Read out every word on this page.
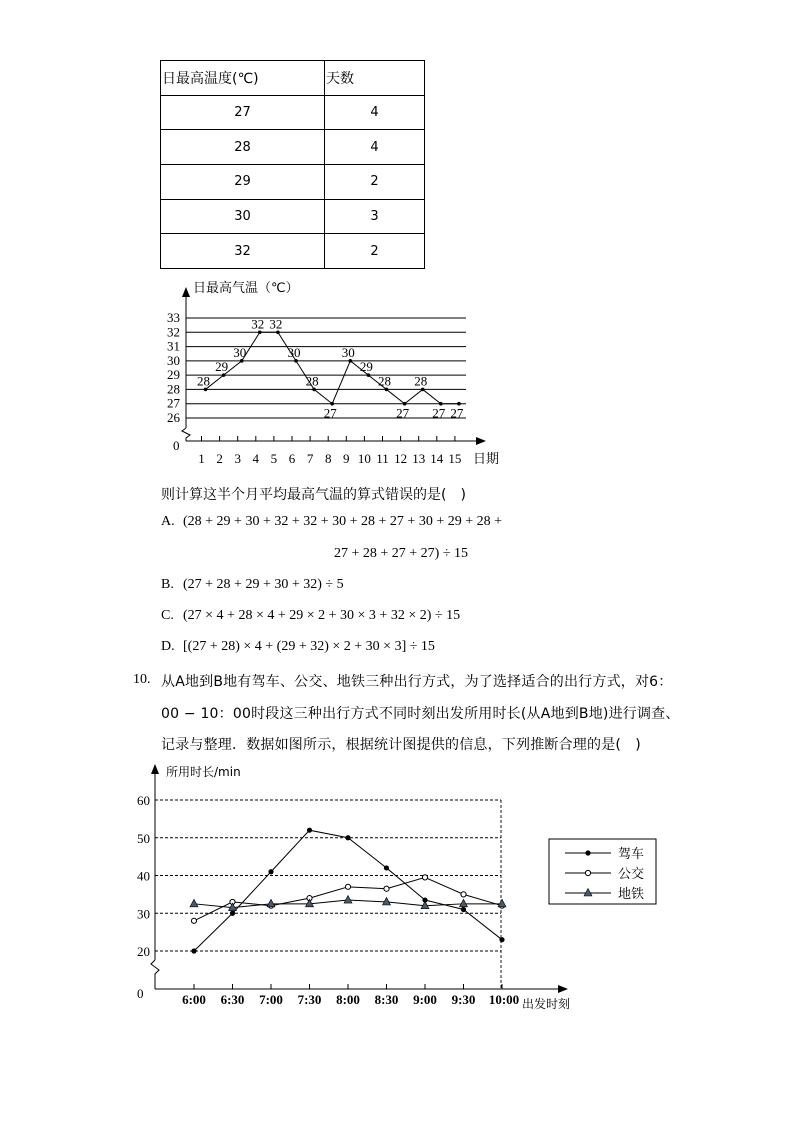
日最高温度(℃)	天数
27	4
28	4
29	2
30	3
32	2
26
27
28
29
30
31
32
33
日最高气温（℃）
0
日期
1 2 3 4 5 6 7 8 9 10 11 12 13 14 15
28
29
30
32 32
30
28
27
30
29
28
27
28
27 27
则计算这半个月平均最高气温的算式错误的是(　)
A. (28 + 29 + 30 + 32 + 32 + 30 + 28 + 27 + 30 + 29 + 28 +
27 + 28 + 27 + 27) ÷ 15
B. (27 + 28 + 29 + 30 + 32) ÷ 5
C. (27 × 4 + 28 × 4 + 29 × 2 + 30 × 3 + 32 × 2) ÷ 15
D. [(27 + 28) × 4 + (29 + 32) × 2 + 30 × 3] ÷ 15
10. 从A地到B地有驾车、公交、地铁三种出行方式，为了选择适合的出行方式，对6：
00 − 10：00时段这三种出行方式不同时刻出发所用时长(从A地到B地)进行调查、
记录与整理．数据如图所示，根据统计图提供的信息，下列推断合理的是(　)
所用时长/min
0
出发时刻
20
30
40
50
60
6:00 6:30 7:00 7:30 8:00 8:30 9:00 9:30 10:00
驾车
公交
地铁
